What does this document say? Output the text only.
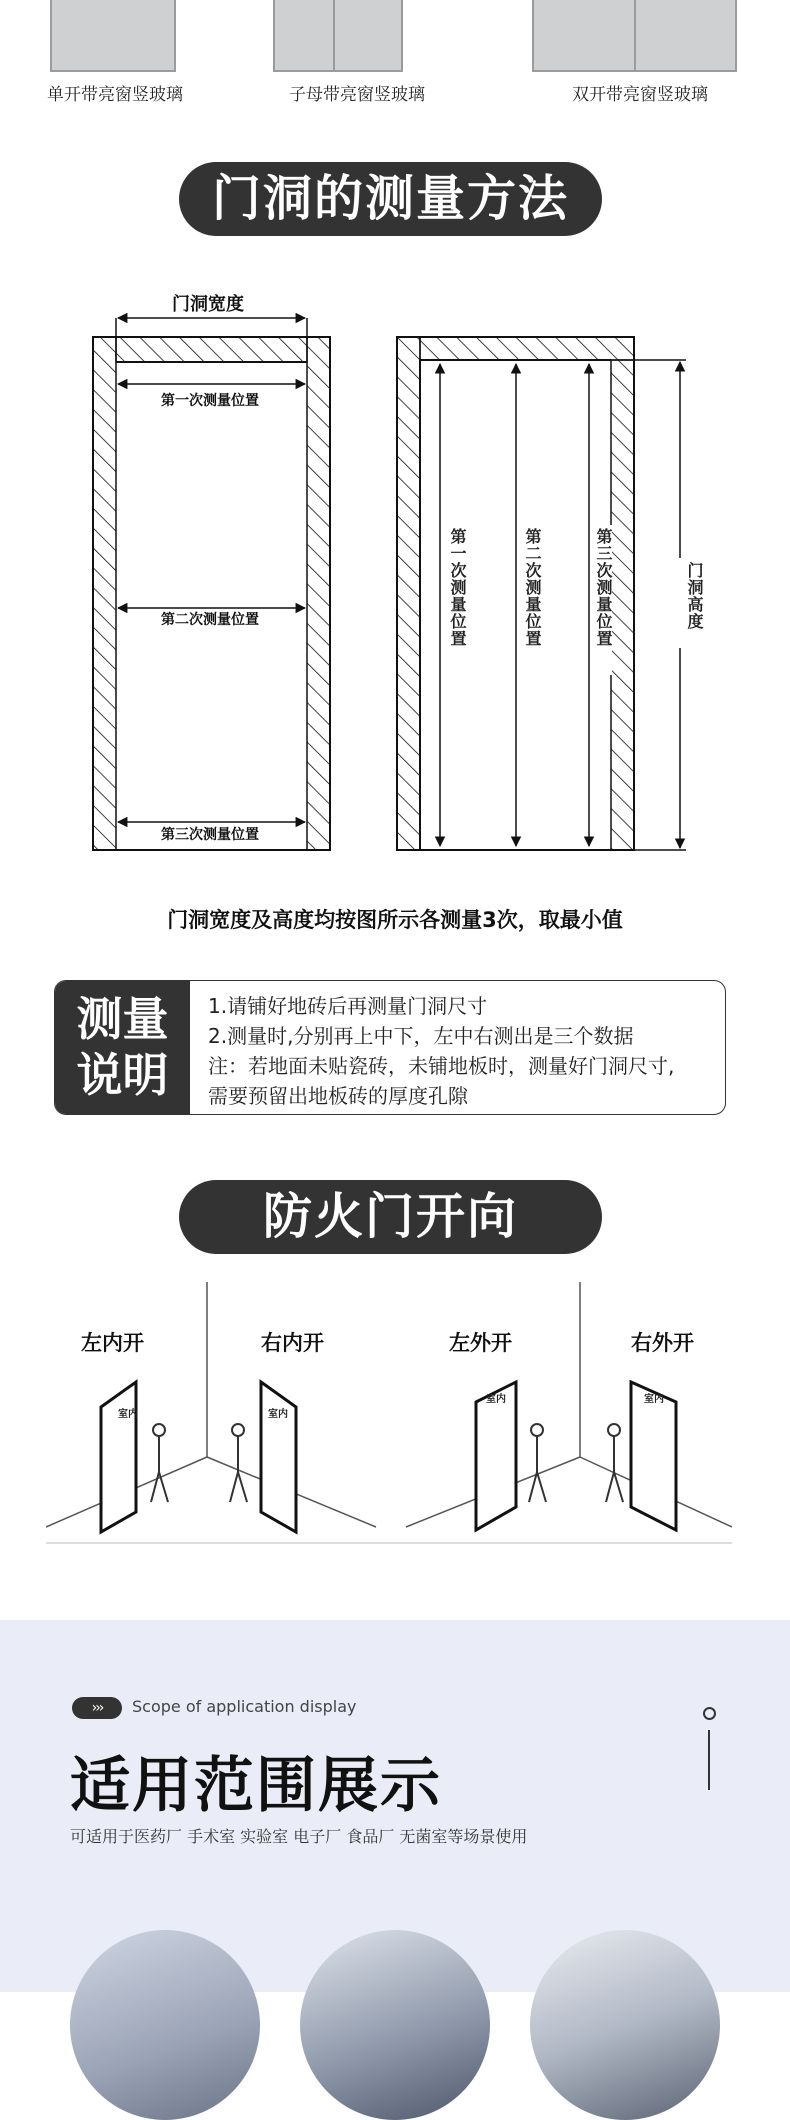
单开带亮窗竖玻璃	子母带亮窗竖玻璃	双开带亮窗竖玻璃
门洞的测量方法
门洞宽度
第一次测量位置
第二次测量位置
第三次测量位置
第一次测量位置	第二次测量位置	第三次测量位置	门洞高度
门洞宽度及高度均按图所示各测量3次，取最小值
测量
说明
1.请铺好地砖后再测量门洞尺寸
2.测量时,分别再上中下，左中右测出是三个数据
注：若地面未贴瓷砖，未铺地板时，测量好门洞尺寸,
需要预留出地板砖的厚度孔隙
防火门开向
左内开	右内开	左外开	右外开
室内	室内
室内	室内
›››	Scope of application display
适用范围展示
可适用于医药厂 手术室 实验室 电子厂 食品厂 无菌室等场景使用
